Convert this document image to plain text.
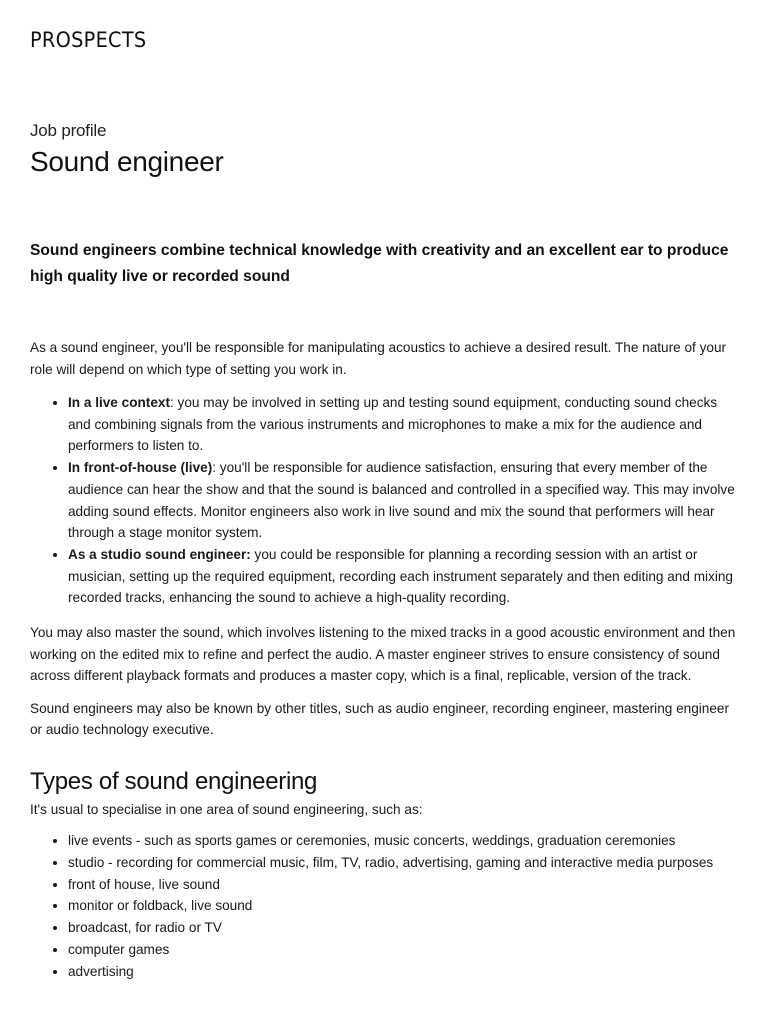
PROSPECTS
Job profile
Sound engineer

Sound engineers combine technical knowledge with creativity and an excellent ear to produce high quality live or recorded sound

As a sound engineer, you'll be responsible for manipulating acoustics to achieve a desired result. The nature of your role will depend on which type of setting you work in.

• In a live context: you may be involved in setting up and testing sound equipment, conducting sound checks and combining signals from the various instruments and microphones to make a mix for the audience and performers to listen to.
• In front-of-house (live): you'll be responsible for audience satisfaction, ensuring that every member of the audience can hear the show and that the sound is balanced and controlled in a specified way. This may involve adding sound effects. Monitor engineers also work in live sound and mix the sound that performers will hear through a stage monitor system.
• As a studio sound engineer: you could be responsible for planning a recording session with an artist or musician, setting up the required equipment, recording each instrument separately and then editing and mixing recorded tracks, enhancing the sound to achieve a high-quality recording.

You may also master the sound, which involves listening to the mixed tracks in a good acoustic environment and then working on the edited mix to refine and perfect the audio. A master engineer strives to ensure consistency of sound across different playback formats and produces a master copy, which is a final, replicable, version of the track.

Sound engineers may also be known by other titles, such as audio engineer, recording engineer, mastering engineer or audio technology executive.

Types of sound engineering

It's usual to specialise in one area of sound engineering, such as:

• live events - such as sports games or ceremonies, music concerts, weddings, graduation ceremonies
• studio - recording for commercial music, film, TV, radio, advertising, gaming and interactive media purposes
• front of house, live sound
• monitor or foldback, live sound
• broadcast, for radio or TV
• computer games
• advertising
